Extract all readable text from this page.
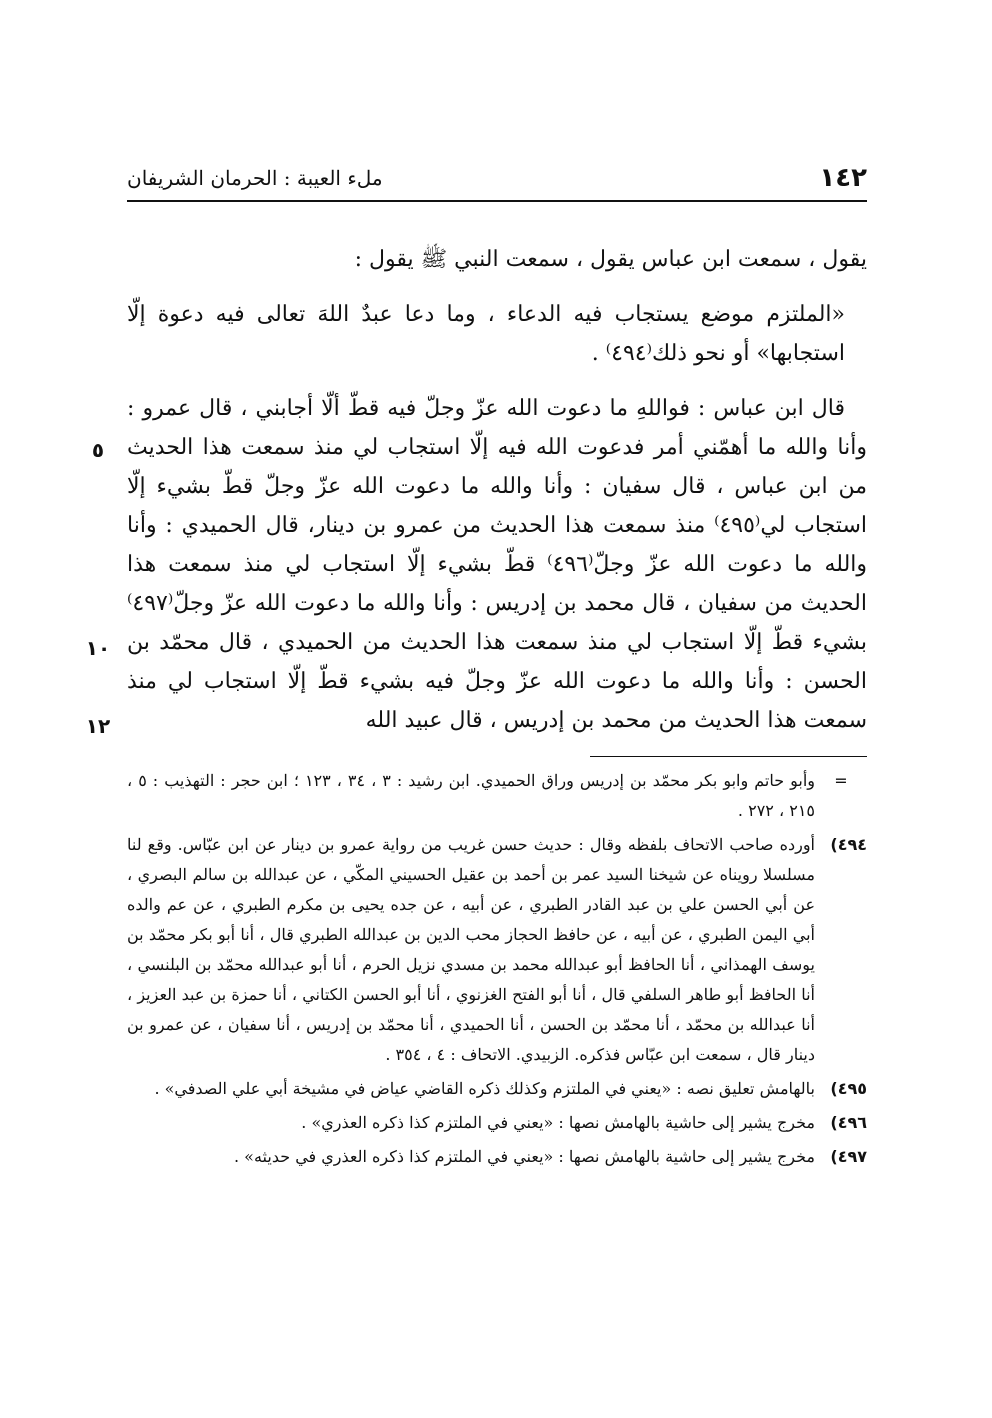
١٤٢
ملء العيبة : الحرمان الشريفان

يقول ، سمعت ابن عباس يقول ، سمعت النبي ﷺ يقول :

«الملتزم موضع يستجاب فيه الدعاء ، وما دعا عبدٌ اللهَ تعالى فيه دعوة إلّا استجابها» أو نحو ذلك⁽٤٩٤⁾ .

قال ابن عباس : فواللهِ ما دعوت الله عزّ وجلّ فيه قطّ ألّا أجابني ، قال عمرو : وأنا والله ما أهمّني أمر فدعوت الله فيه إلّا استجاب لي منذ سمعت هذا الحديث من ابن عباس ، قال سفيان : وأنا والله ما دعوت الله عزّ وجلّ قطّ بشيء إلّا استجاب لي⁽٤٩٥⁾ منذ سمعت هذا الحديث من عمرو بن دينار، قال الحميدي : وأنا والله ما دعوت الله عزّ وجلّ⁽٤٩٦⁾ قطّ بشيء إلّا استجاب لي منذ سمعت هذا الحديث من سفيان ، قال محمد بن إدريس : وأنا والله ما دعوت الله عزّ وجلّ⁽٤٩٧⁾ بشيء قطّ إلّا استجاب لي منذ سمعت هذا الحديث من الحميدي ، قال محمّد بن الحسن : وأنا والله ما دعوت الله عزّ وجلّ فيه بشيء قطّ إلّا استجاب لي منذ سمعت هذا الحديث من محمد بن إدريس ، قال عبيد الله

٥
١٠
١٢
=
وأبو حاتم وابو بكر محمّد بن إدريس وراق الحميدي. ابن رشيد : ٣ ، ٣٤ ، ١٢٣ ؛ ابن حجر : التهذيب : ٥ ، ٢١٥ ، ٢٧٢ .
٤٩٤)
أورده صاحب الاتحاف بلفظه وقال : حديث حسن غريب من رواية عمرو بن دينار عن ابن عبّاس. وقع لنا مسلسلا رويناه عن شيخنا السيد عمر بن أحمد بن عقيل الحسيني المكّي ، عن عبدالله بن سالم البصري ، عن أبي الحسن علي بن عبد القادر الطبري ، عن أبيه ، عن جده يحيى بن مكرم الطبري ، عن عم والده أبي اليمن الطبري ، عن أبيه ، عن حافظ الحجاز محب الدين بن عبدالله الطبري قال ، أنا أبو بكر محمّد بن يوسف الهمذاني ، أنا الحافظ أبو عبدالله محمد بن مسدي نزيل الحرم ، أنا أبو عبدالله محمّد بن البلنسي ، أنا الحافظ أبو طاهر السلفي قال ، أنا أبو الفتح الغزنوي ، أنا أبو الحسن الكتاني ، أنا حمزة بن عبد العزيز ، أنا عبدالله بن محمّد ، أنا محمّد بن الحسن ، أنا الحميدي ، أنا محمّد بن إدريس ، أنا سفيان ، عن عمرو بن دينار قال ، سمعت ابن عبّاس فذكره. الزبيدي. الاتحاف : ٤ ، ٣٥٤ .
٤٩٥)
بالهامش تعليق نصه : «يعني في الملتزم وكذلك ذكره القاضي عياض في مشيخة أبي علي الصدفي» .
٤٩٦)
مخرج يشير إلى حاشية بالهامش نصها : «يعني في الملتزم كذا ذكره العذري» .
٤٩٧)
مخرج يشير إلى حاشية بالهامش نصها : «يعني في الملتزم كذا ذكره العذري في حديثه» .
